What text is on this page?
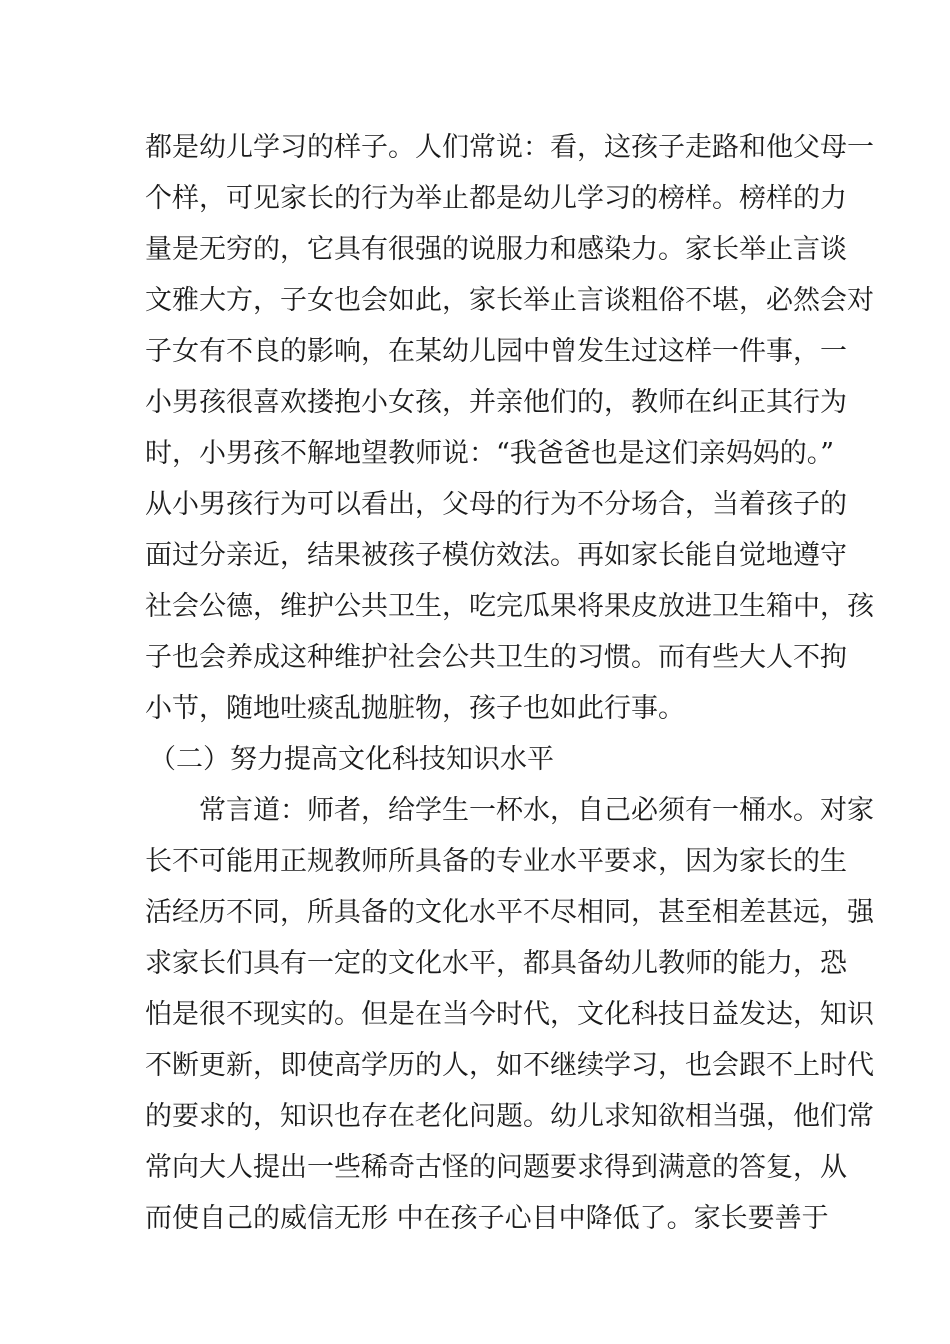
都是幼儿学习的样子。人们常说：看，这孩子走路和他父母一
个样，可见家长的行为举止都是幼儿学习的榜样。榜样的力
量是无穷的，它具有很强的说服力和感染力。家长举止言谈
文雅大方，子女也会如此，家长举止言谈粗俗不堪，必然会对
子女有不良的影响，在某幼儿园中曾发生过这样一件事，一
小男孩很喜欢搂抱小女孩，并亲他们的，教师在纠正其行为
时，小男孩不解地望教师说：“我爸爸也是这们亲妈妈的。”
从小男孩行为可以看出，父母的行为不分场合，当着孩子的
面过分亲近，结果被孩子模仿效法。再如家长能自觉地遵守
社会公德，维护公共卫生，吃完瓜果将果皮放进卫生箱中，孩
子也会养成这种维护社会公共卫生的习惯。而有些大人不拘
小节，随地吐痰乱抛脏物，孩子也如此行事。
（二）努力提高文化科技知识水平
常言道：师者，给学生一杯水，自己必须有一桶水。对家
长不可能用正规教师所具备的专业水平要求，因为家长的生
活经历不同，所具备的文化水平不尽相同，甚至相差甚远，强
求家长们具有一定的文化水平，都具备幼儿教师的能力，恐
怕是很不现实的。但是在当今时代，文化科技日益发达，知识
不断更新，即使高学历的人，如不继续学习，也会跟不上时代
的要求的，知识也存在老化问题。幼儿求知欲相当强，他们常
常向大人提出一些稀奇古怪的问题要求得到满意的答复，从
而使自己的威信无形 中在孩子心目中降低了。家长要善于
